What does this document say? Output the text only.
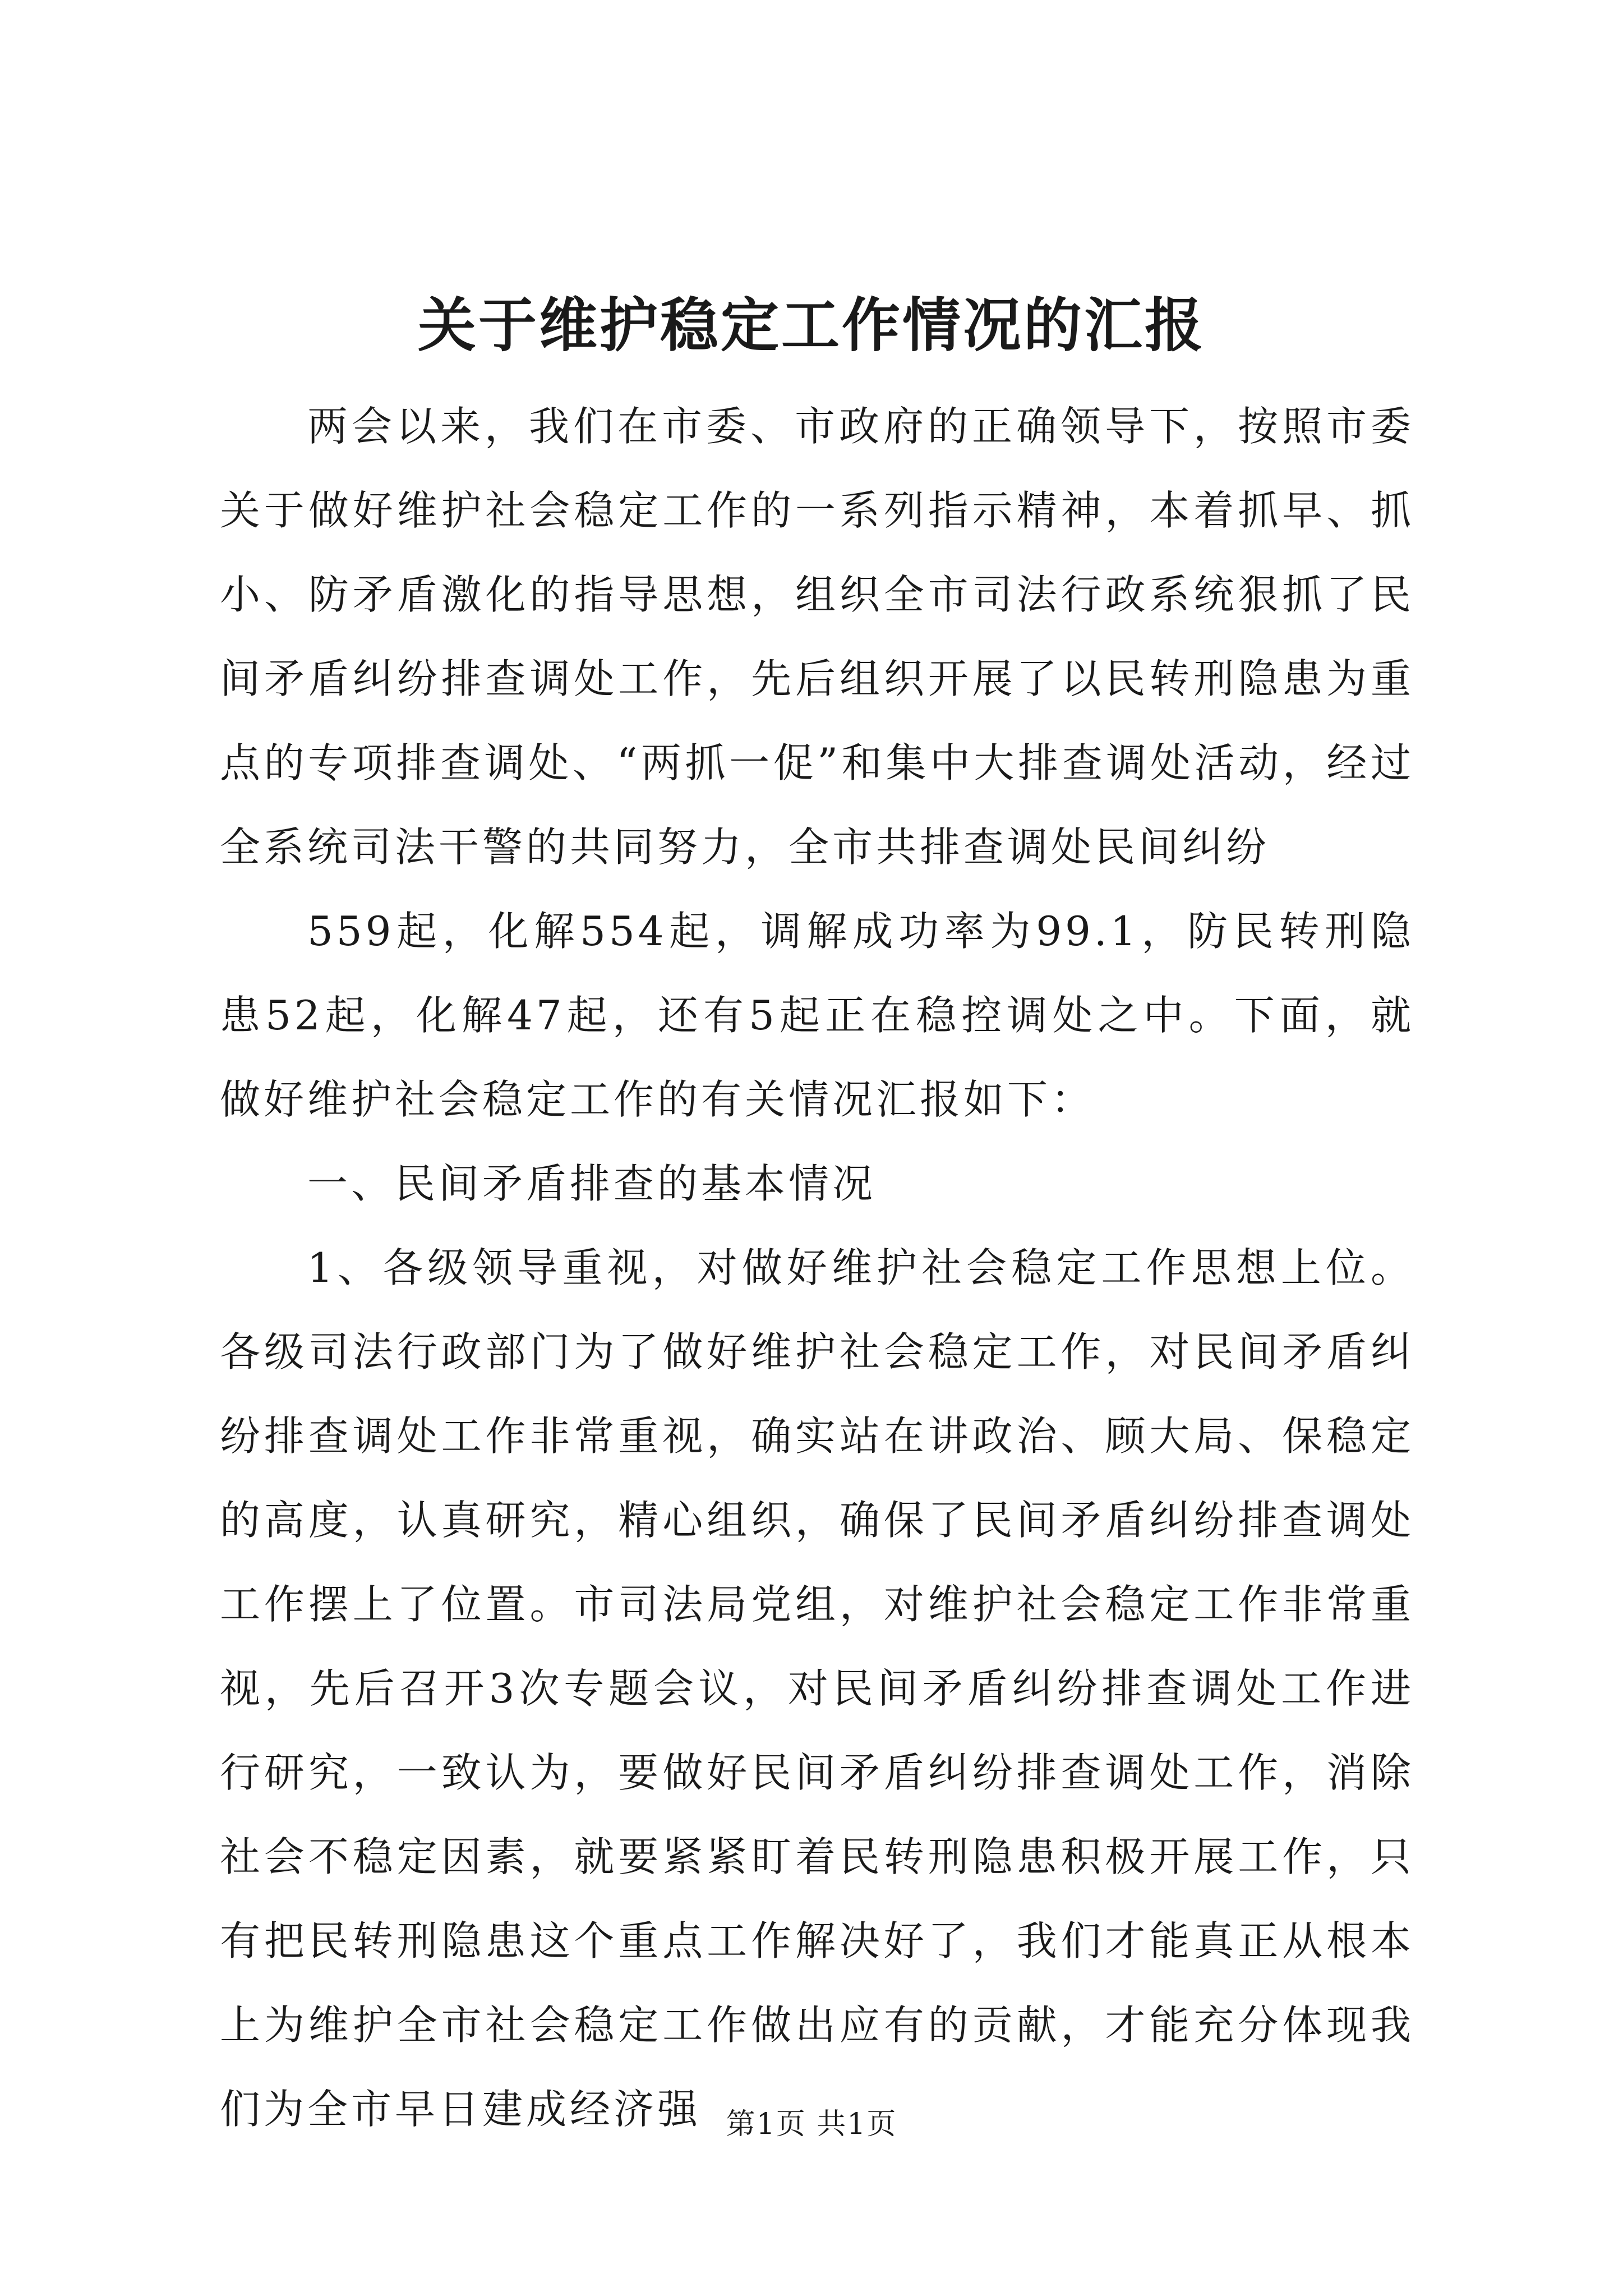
关于维护稳定工作情况的汇报

两会以来，我们在市委、市政府的正确领导下，按照市委关于做好维护社会稳定工作的一系列指示精神，本着抓早、抓小、防矛盾激化的指导思想，组织全市司法行政系统狠抓了民间矛盾纠纷排查调处工作，先后组织开展了以民转刑隐患为重点的专项排查调处、“两抓一促”和集中大排查调处活动，经过全系统司法干警的共同努力，全市共排查调处民间纠纷

559起，化解554起，调解成功率为99.1，防民转刑隐患52起，化解47起，还有5起正在稳控调处之中。下面，就做好维护社会稳定工作的有关情况汇报如下：

一、民间矛盾排查的基本情况

1、各级领导重视，对做好维护社会稳定工作思想上位。各级司法行政部门为了做好维护社会稳定工作，对民间矛盾纠纷排查调处工作非常重视，确实站在讲政治、顾大局、保稳定的高度，认真研究，精心组织，确保了民间矛盾纠纷排查调处工作摆上了位置。市司法局党组，对维护社会稳定工作非常重视，先后召开3次专题会议，对民间矛盾纠纷排查调处工作进行研究，一致认为，要做好民间矛盾纠纷排查调处工作，消除社会不稳定因素，就要紧紧盯着民转刑隐患积极开展工作，只有把民转刑隐患这个重点工作解决好了，我们才能真正从根本上为维护全市社会稳定工作做出应有的贡献，才能充分体现我们为全市早日建成经济强 第1页 共1页
